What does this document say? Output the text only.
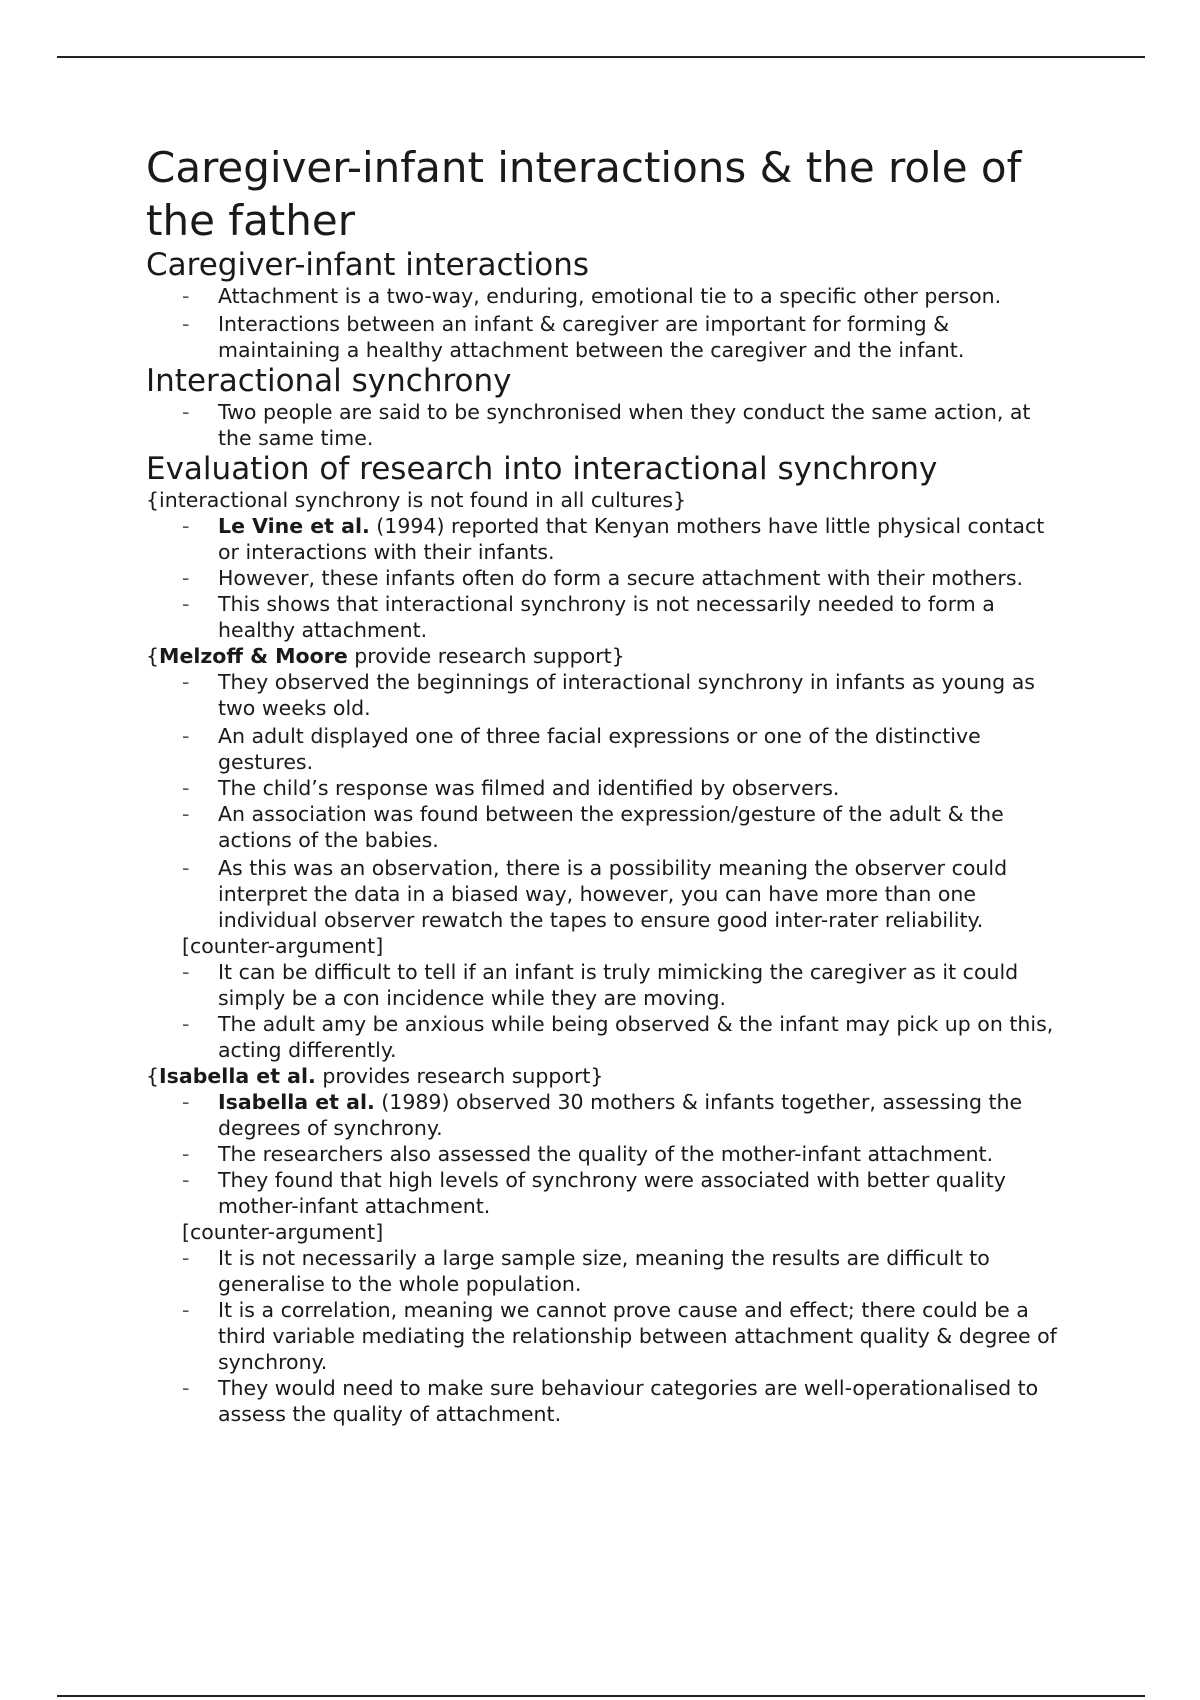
Caregiver-infant interactions & the role of the father
Caregiver-infant interactions
- Attachment is a two-way, enduring, emotional tie to a specific other person.
- Interactions between an infant & caregiver are important for forming & maintaining a healthy attachment between the caregiver and the infant.
Interactional synchrony
- Two people are said to be synchronised when they conduct the same action, at the same time.
Evaluation of research into interactional synchrony

{interactional synchrony is not found in all cultures}

- Le Vine et al. (1994) reported that Kenyan mothers have little physical contact or interactions with their infants.
- However, these infants often do form a secure attachment with their mothers.
- This shows that interactional synchrony is not necessarily needed to form a healthy attachment.

{Melzoff & Moore provide research support}

- They observed the beginnings of interactional synchrony in infants as young as two weeks old.
- An adult displayed one of three facial expressions or one of the distinctive gestures.
- The child’s response was filmed and identified by observers.
- An association was found between the expression/gesture of the adult & the actions of the babies.
- As this was an observation, there is a possibility meaning the observer could interpret the data in a biased way, however, you can have more than one individual observer rewatch the tapes to ensure good inter-rater reliability.

[counter-argument]

- It can be difficult to tell if an infant is truly mimicking the caregiver as it could simply be a con incidence while they are moving.
- The adult amy be anxious while being observed & the infant may pick up on this, acting differently.

{Isabella et al. provides research support}

- Isabella et al. (1989) observed 30 mothers & infants together, assessing the degrees of synchrony.
- The researchers also assessed the quality of the mother-infant attachment.
- They found that high levels of synchrony were associated with better quality mother-infant attachment.

[counter-argument]

- It is not necessarily a large sample size, meaning the results are difficult to generalise to the whole population.
- It is a correlation, meaning we cannot prove cause and effect; there could be a third variable mediating the relationship between attachment quality & degree of synchrony.
- They would need to make sure behaviour categories are well-operationalised to assess the quality of attachment.
